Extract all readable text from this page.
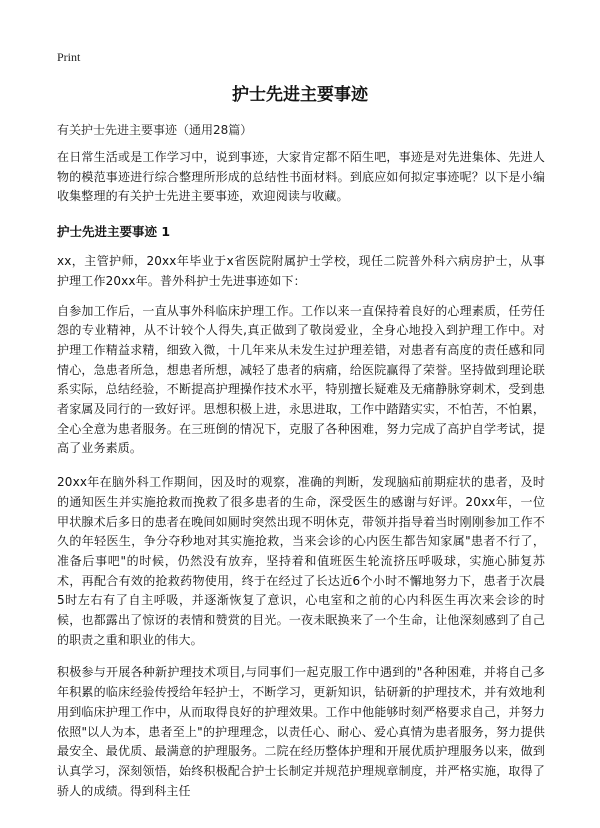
Print
护士先进主要事迹

有关护士先进主要事迹（通用28篇）

在日常生活或是工作学习中，说到事迹，大家肯定都不陌生吧，事迹是对先进集体、先进人物的模范事迹进行综合整理所形成的总结性书面材料。到底应如何拟定事迹呢？以下是小编收集整理的有关护士先进主要事迹，欢迎阅读与收藏。

护士先进主要事迹 1

xx，主管护师，20xx年毕业于x省医院附属护士学校，现任二院普外科六病房护士，从事护理工作20xx年。普外科护士先进事迹如下：

自参加工作后，一直从事外科临床护理工作。工作以来一直保持着良好的心理素质，任劳任怨的专业精神，从不计较个人得失,真正做到了敬岗爱业，全身心地投入到护理工作中。对护理工作精益求精，细致入微，十几年来从未发生过护理差错，对患者有高度的责任感和同情心，急患者所急，想患者所想，减轻了患者的病痛，给医院赢得了荣誉。坚持做到理论联系实际，总结经验，不断提高护理操作技术水平，特别擅长疑难及无痛静脉穿刺术，受到患者家属及同行的一致好评。思想积极上进，永思进取，工作中踏踏实实，不怕苦，不怕累，全心全意为患者服务。在三班倒的情况下，克服了各种困难，努力完成了高护自学考试，提高了业务素质。

20xx年在脑外科工作期间，因及时的观察，准确的判断，发现脑疝前期症状的患者，及时的通知医生并实施抢救而挽救了很多患者的生命，深受医生的感谢与好评。20xx年，一位甲状腺术后多日的患者在晚间如厕时突然出现不明休克，带领并指导着当时刚刚参加工作不久的年轻医生，争分夺秒地对其实施抢救，当来会诊的心内医生都告知家属"患者不行了，准备后事吧"的时候，仍然没有放弃，坚持着和值班医生轮流挤压呼吸球，实施心肺复苏术，再配合有效的抢救药物使用，终于在经过了长达近6个小时不懈地努力下，患者于次晨5时左右有了自主呼吸，并逐渐恢复了意识，心电室和之前的心内科医生再次来会诊的时候，也都露出了惊讶的表情和赞赏的目光。一夜未眠换来了一个生命，让他深刻感到了自己的职责之重和职业的伟大。

积极参与开展各种新护理技术项目,与同事们一起克服工作中遇到的"各种困难，并将自己多年积累的临床经验传授给年轻护士，不断学习，更新知识，钻研新的护理技术，并有效地利用到临床护理工作中，从而取得良好的护理效果。工作中他能够时刻严格要求自己，并努力依照"以人为本，患者至上"的护理理念，以责任心、耐心、爱心真情为患者服务，努力提供最安全、最优质、最满意的护理服务。二院在经历整体护理和开展优质护理服务以来，做到认真学习，深刻领悟，始终积极配合护士长制定并规范护理规章制度，并严格实施，取得了骄人的成绩。得到科主任
